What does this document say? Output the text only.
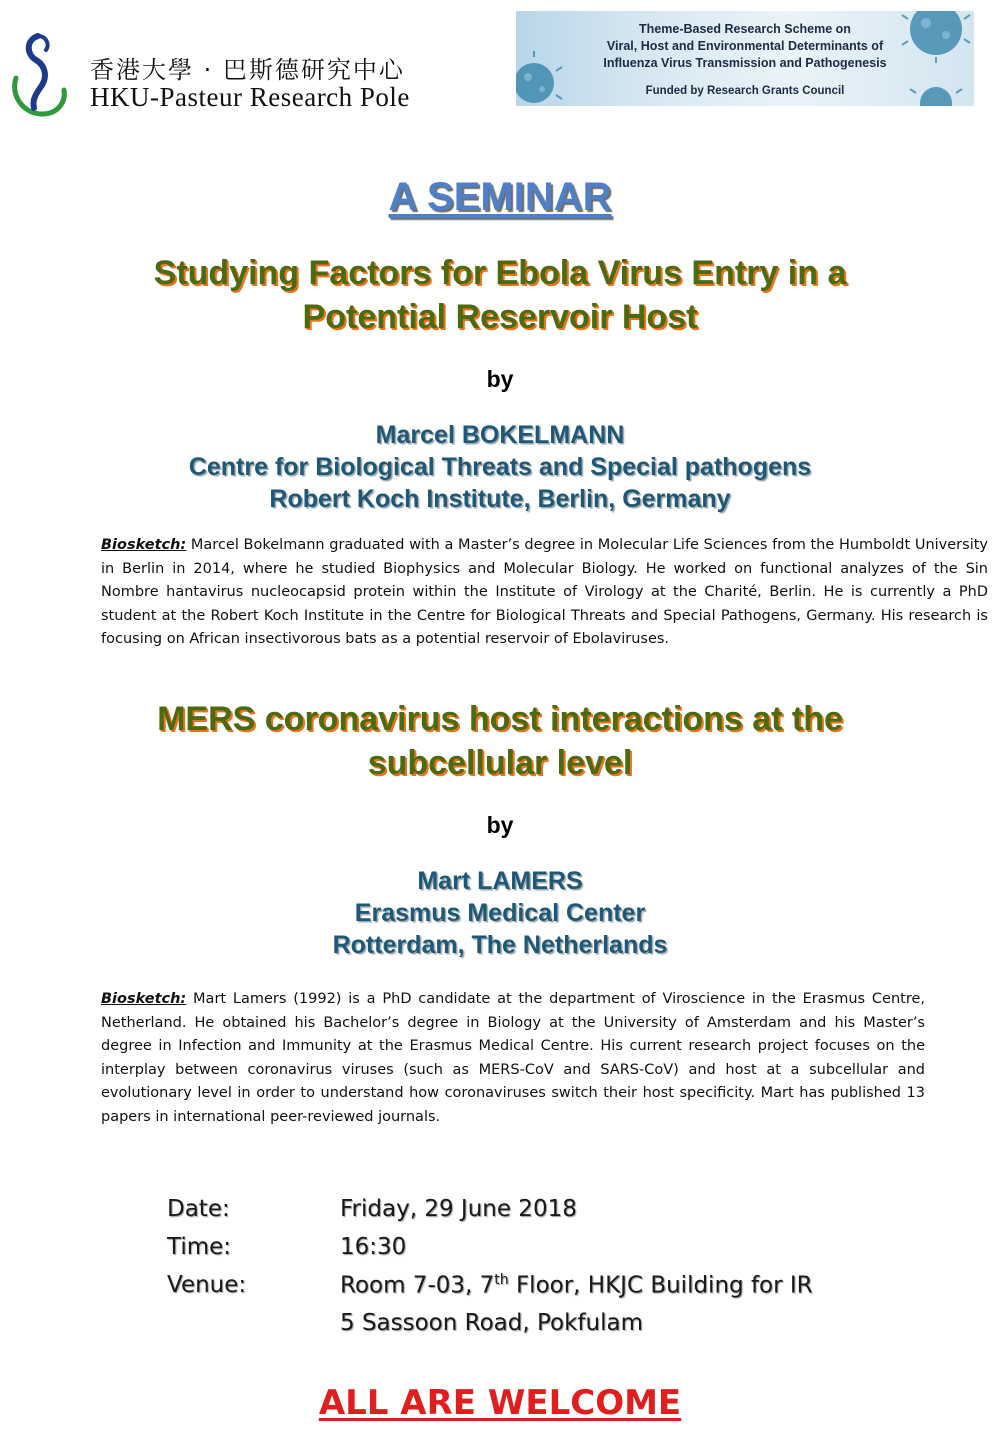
香港大學 · 巴斯德研究中心
HKU-Pasteur Research Pole
Theme-Based Research Scheme on
Viral, Host and Environmental Determinants of
Influenza Virus Transmission and Pathogenesis
Funded by Research Grants Council
A SEMINAR
Studying Factors for Ebola Virus Entry in a
Potential Reservoir Host
by
Marcel BOKELMANN
Centre for Biological Threats and Special pathogens
Robert Koch Institute, Berlin, Germany
Biosketch: Marcel Bokelmann graduated with a Master’s degree in Molecular Life Sciences from the Humboldt University in Berlin in 2014, where he studied Biophysics and Molecular Biology. He worked on functional analyzes of the Sin Nombre hantavirus nucleocapsid protein within the Institute of Virology at the Charité, Berlin. He is currently a PhD student at the Robert Koch Institute in the Centre for Biological Threats and Special Pathogens, Germany. His research is focusing on African insectivorous bats as a potential reservoir of Ebolaviruses.
MERS coronavirus host interactions at the
subcellular level
by
Mart LAMERS
Erasmus Medical Center
Rotterdam, The Netherlands
Biosketch: Mart Lamers (1992) is a PhD candidate at the department of Viroscience in the Erasmus Centre, Netherland. He obtained his Bachelor’s degree in Biology at the University of Amsterdam and his Master’s degree in Infection and Immunity at the Erasmus Medical Centre. His current research project focuses on the interplay between coronavirus viruses (such as MERS-CoV and SARS-CoV) and host at a subcellular and evolutionary level in order to understand how coronaviruses switch their host specificity. Mart has published 13 papers in international peer-reviewed journals.
Date:	Friday, 29 June 2018
Time:	16:30
Venue:	Room 7-03, 7th Floor, HKJC Building for IR
5 Sassoon Road, Pokfulam
ALL ARE WELCOME
